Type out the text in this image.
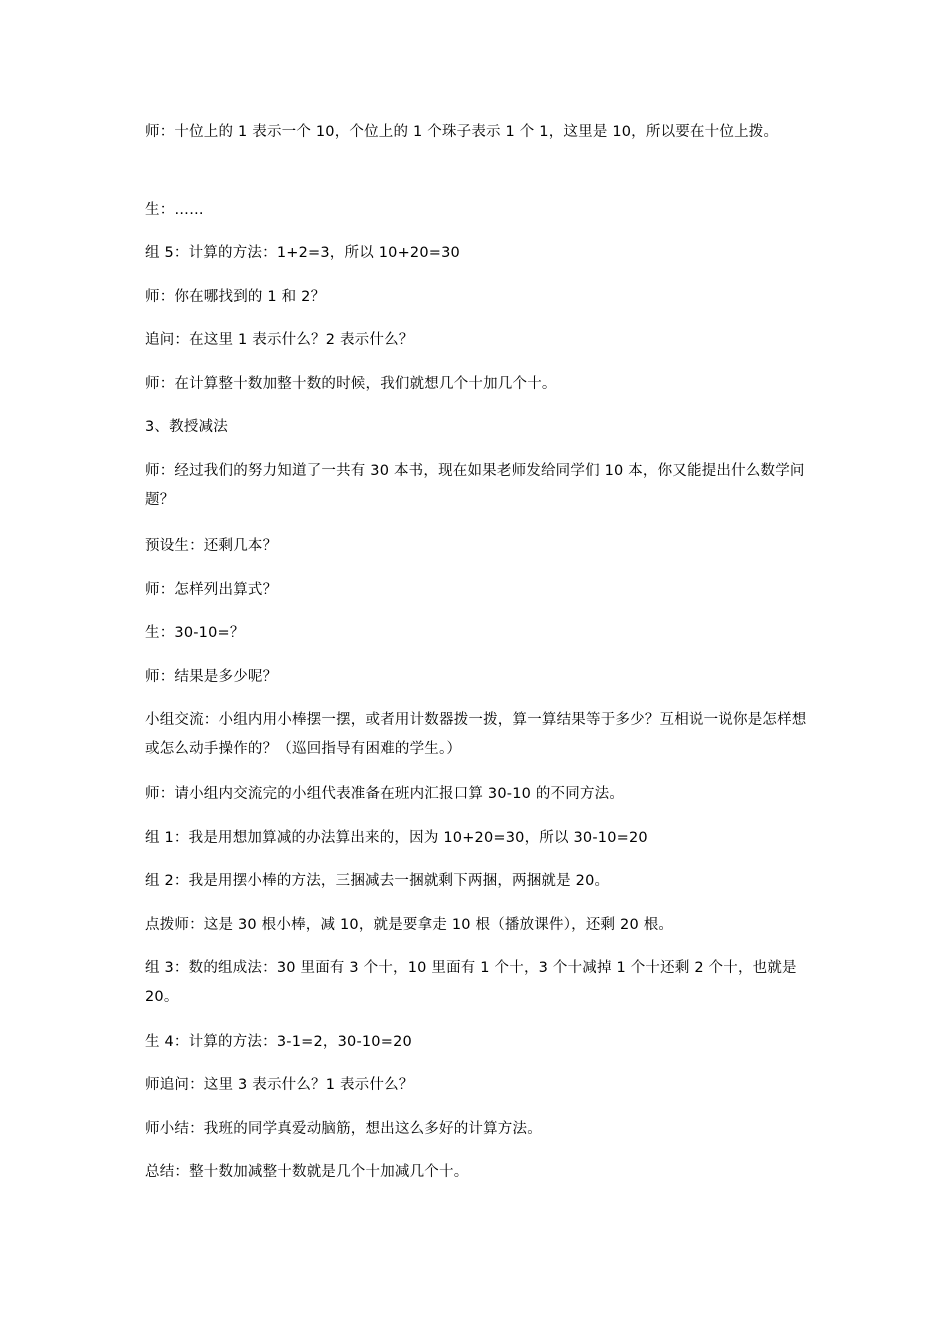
师：十位上的 1 表示一个 10，个位上的 1 个珠子表示 1 个 1，这里是 10，所以要在十位上拨。

生：……

组 5：计算的方法：1+2=3，所以 10+20=30

师：你在哪找到的 1 和 2？

追问：在这里 1 表示什么？2 表示什么？

师：在计算整十数加整十数的时候，我们就想几个十加几个十。

3、教授减法

师：经过我们的努力知道了一共有 30 本书，现在如果老师发给同学们 10 本，你又能提出什么数学问题？

预设生：还剩几本？

师：怎样列出算式？

生：30-10=？

师：结果是多少呢？

小组交流：小组内用小棒摆一摆，或者用计数器拨一拨，算一算结果等于多少？互相说一说你是怎样想或怎么动手操作的？（巡回指导有困难的学生。）

师：请小组内交流完的小组代表准备在班内汇报口算 30-10 的不同方法。

组 1：我是用想加算减的办法算出来的，因为 10+20=30，所以 30-10=20

组 2：我是用摆小棒的方法，三捆减去一捆就剩下两捆，两捆就是 20。

点拨师：这是 30 根小棒，减 10，就是要拿走 10 根（播放课件），还剩 20 根。

组 3：数的组成法：30 里面有 3 个十，10 里面有 1 个十，3 个十减掉 1 个十还剩 2 个十，也就是 20。

生 4：计算的方法：3-1=2，30-10=20

师追问：这里 3 表示什么？1 表示什么？

师小结：我班的同学真爱动脑筋，想出这么多好的计算方法。

总结：整十数加减整十数就是几个十加减几个十。
